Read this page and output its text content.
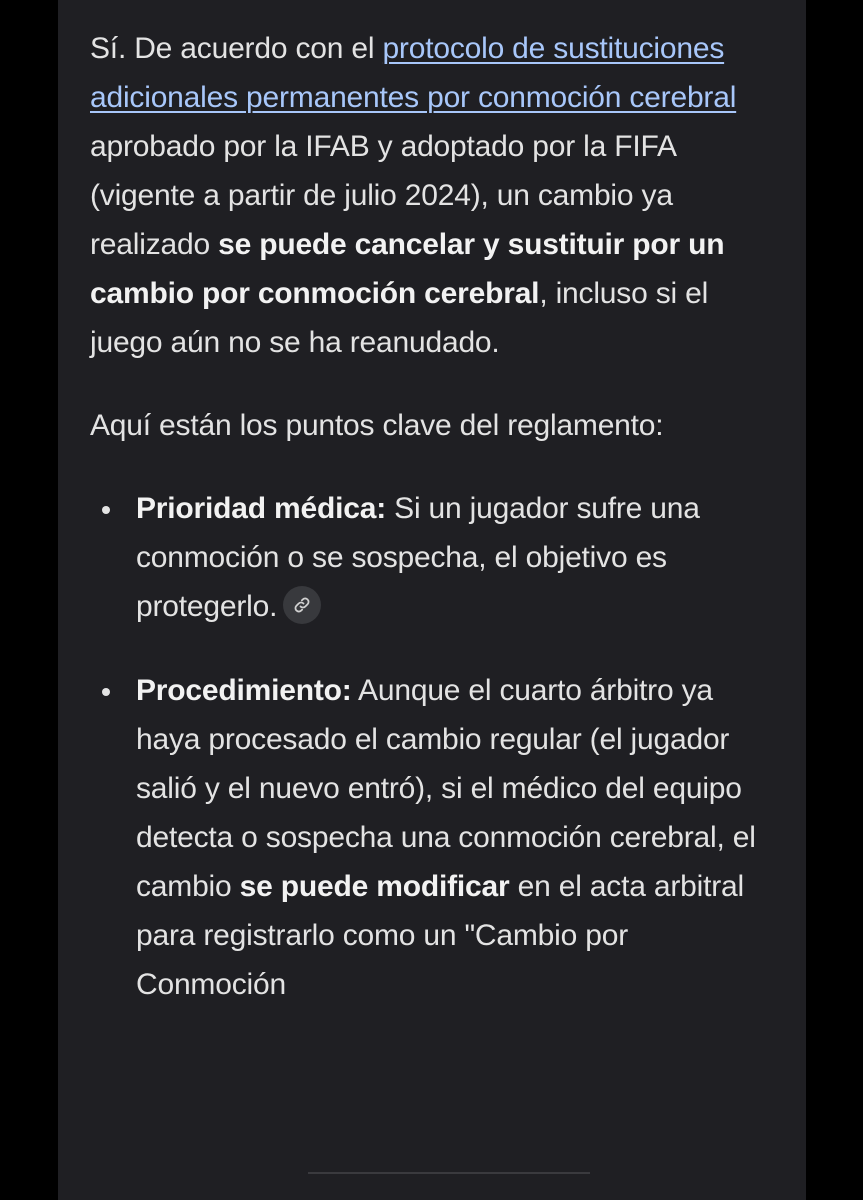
Sí. De acuerdo con el protocolo de sustituciones adicionales permanentes por conmoción cerebral aprobado por la IFAB y adoptado por la FIFA (vigente a partir de julio 2024), un cambio ya realizado se puede cancelar y sustituir por un cambio por conmoción cerebral, incluso si el juego aún no se ha reanudado.

Aquí están los puntos clave del reglamento:

Prioridad médica: Si un jugador sufre una conmoción o se sospecha, el objetivo es protegerlo.
Procedimiento: Aunque el cuarto árbitro ya haya procesado el cambio regular (el jugador salió y el nuevo entró), si el médico del equipo detecta o sospecha una conmoción cerebral, el cambio se puede modificar en el acta arbitral para registrarlo como un "Cambio por Conmoción
